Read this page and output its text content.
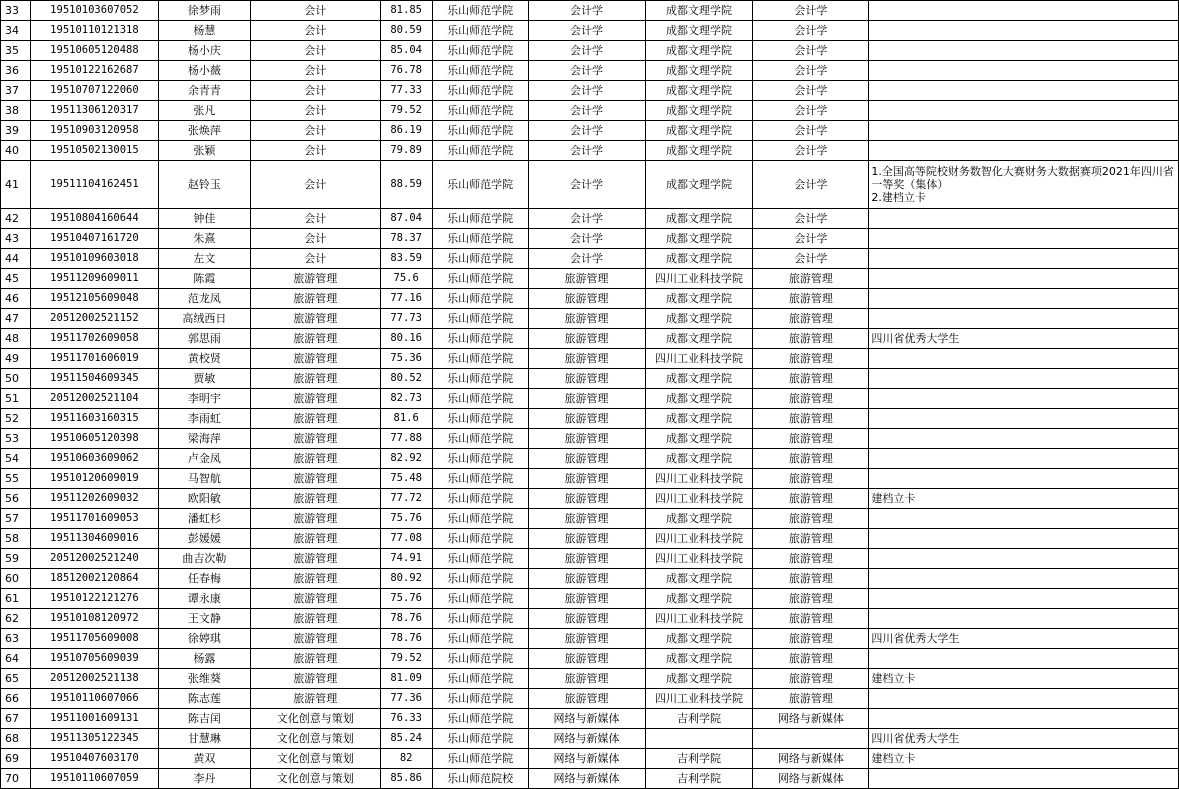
33	19510103607052	徐梦雨	会计	81.85	乐山师范学院	会计学	成都文理学院	会计学	
34	19510110121318	杨慧	会计	80.59	乐山师范学院	会计学	成都文理学院	会计学	
35	19510605120488	杨小庆	会计	85.04	乐山师范学院	会计学	成都文理学院	会计学	
36	19510122162687	杨小薇	会计	76.78	乐山师范学院	会计学	成都文理学院	会计学	
37	19510707122060	余青青	会计	77.33	乐山师范学院	会计学	成都文理学院	会计学	
38	19511306120317	张凡	会计	79.52	乐山师范学院	会计学	成都文理学院	会计学	
39	19510903120958	张焕萍	会计	86.19	乐山师范学院	会计学	成都文理学院	会计学	
40	19510502130015	张颖	会计	79.89	乐山师范学院	会计学	成都文理学院	会计学	
41	19511104162451	赵铃玉	会计	88.59	乐山师范学院	会计学	成都文理学院	会计学	1.全国高等院校财务数智化大赛财务大数据赛项2021年四川省一等奖（集体）
2.建档立卡
42	19510804160644	钟佳	会计	87.04	乐山师范学院	会计学	成都文理学院	会计学	
43	19510407161720	朱熹	会计	78.37	乐山师范学院	会计学	成都文理学院	会计学	
44	19510109603018	左文	会计	83.59	乐山师范学院	会计学	成都文理学院	会计学	
45	19511209609011	陈霞	旅游管理	75.6	乐山师范学院	旅游管理	四川工业科技学院	旅游管理	
46	19512105609048	范龙凤	旅游管理	77.16	乐山师范学院	旅游管理	成都文理学院	旅游管理	
47	20512002521152	高绒西日	旅游管理	77.73	乐山师范学院	旅游管理	成都文理学院	旅游管理	
48	19511702609058	郭思雨	旅游管理	80.16	乐山师范学院	旅游管理	成都文理学院	旅游管理	四川省优秀大学生
49	19511701606019	黄校贤	旅游管理	75.36	乐山师范学院	旅游管理	四川工业科技学院	旅游管理	
50	19511504609345	贾敏	旅游管理	80.52	乐山师范学院	旅游管理	成都文理学院	旅游管理	
51	20512002521104	李明宇	旅游管理	82.73	乐山师范学院	旅游管理	成都文理学院	旅游管理	
52	19511603160315	李雨虹	旅游管理	81.6	乐山师范学院	旅游管理	成都文理学院	旅游管理	
53	19510605120398	梁海萍	旅游管理	77.88	乐山师范学院	旅游管理	成都文理学院	旅游管理	
54	19510603609062	卢金凤	旅游管理	82.92	乐山师范学院	旅游管理	成都文理学院	旅游管理	
55	19510120609019	马智航	旅游管理	75.48	乐山师范学院	旅游管理	四川工业科技学院	旅游管理	
56	19511202609032	欧阳敏	旅游管理	77.72	乐山师范学院	旅游管理	四川工业科技学院	旅游管理	建档立卡
57	19511701609053	潘虹杉	旅游管理	75.76	乐山师范学院	旅游管理	成都文理学院	旅游管理	
58	19511304609016	彭媛媛	旅游管理	77.08	乐山师范学院	旅游管理	四川工业科技学院	旅游管理	
59	20512002521240	曲吉次勒	旅游管理	74.91	乐山师范学院	旅游管理	四川工业科技学院	旅游管理	
60	18512002120864	任春梅	旅游管理	80.92	乐山师范学院	旅游管理	成都文理学院	旅游管理	
61	19510122121276	谭永康	旅游管理	75.76	乐山师范学院	旅游管理	成都文理学院	旅游管理	
62	19510108120972	王文静	旅游管理	78.76	乐山师范学院	旅游管理	四川工业科技学院	旅游管理	
63	19511705609008	徐婷琪	旅游管理	78.76	乐山师范学院	旅游管理	成都文理学院	旅游管理	四川省优秀大学生
64	19510705609039	杨露	旅游管理	79.52	乐山师范学院	旅游管理	成都文理学院	旅游管理	
65	20512002521138	张维葵	旅游管理	81.09	乐山师范学院	旅游管理	成都文理学院	旅游管理	建档立卡
66	19510110607066	陈志莲	旅游管理	77.36	乐山师范学院	旅游管理	四川工业科技学院	旅游管理	
67	19511001609131	陈吉闰	文化创意与策划	76.33	乐山师范学院	网络与新媒体	吉利学院	网络与新媒体	
68	19511305122345	甘慧琳	文化创意与策划	85.24	乐山师范学院	网络与新媒体			四川省优秀大学生
69	19510407603170	黄双	文化创意与策划	82	乐山师范学院	网络与新媒体	吉利学院	网络与新媒体	建档立卡
70	19510110607059	李丹	文化创意与策划	85.86	乐山师范院校	网络与新媒体	吉利学院	网络与新媒体	
